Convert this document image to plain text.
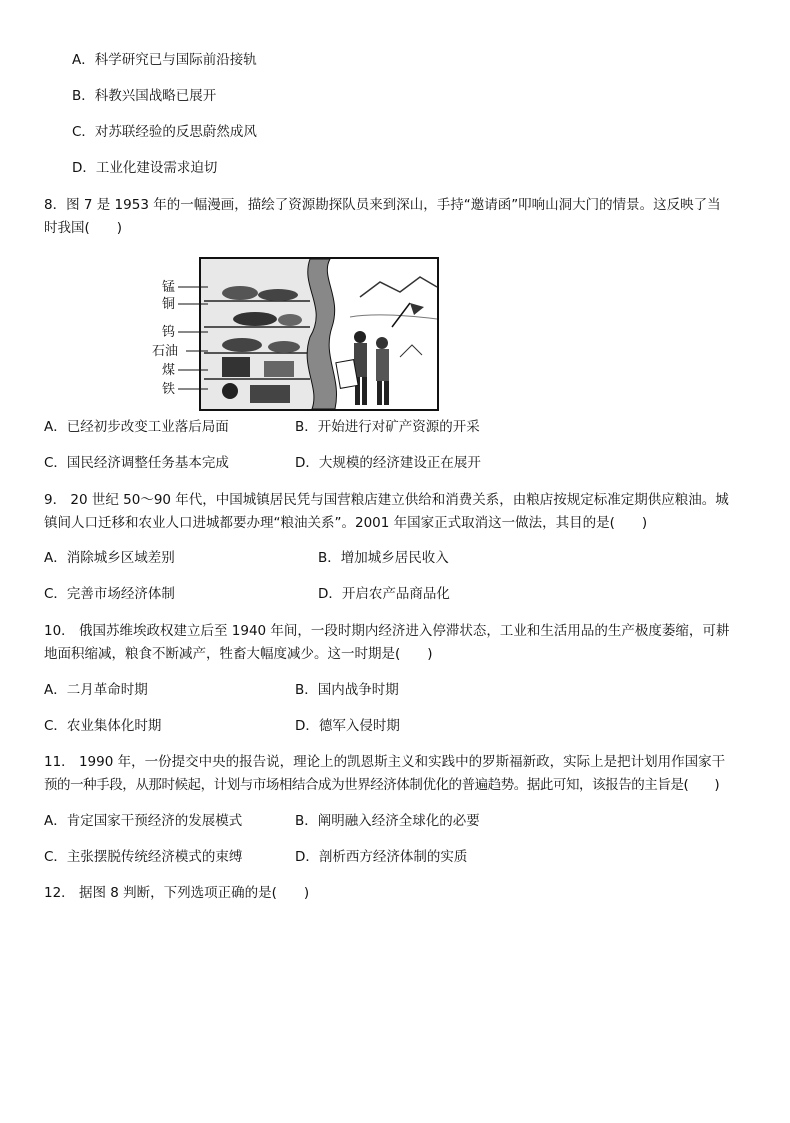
A．科学研究已与国际前沿接轨
B．科教兴国战略已展开
C．对苏联经验的反思蔚然成风
D．工业化建设需求迫切
8．图 7 是 1953 年的一幅漫画，描绘了资源勘探队员来到深山，手持“邀请函”叩响山洞大门的情景。这反映了当
时我国(　　)
锰
铜
钨
石油
煤
铁
A．已经初步改变工业落后局面	B．开始进行对矿产资源的开采
C．国民经济调整任务基本完成	D．大规模的经济建设正在展开
9． 20 世纪 50～90 年代，中国城镇居民凭与国营粮店建立供给和消费关系，由粮店按规定标准定期供应粮油。城
镇间人口迁移和农业人口进城都要办理“粮油关系”。2001 年国家正式取消这一做法，其目的是(　　)
A．消除城乡区域差别	B．增加城乡居民收入
C．完善市场经济体制	D．开启农产品商品化
10． 俄国苏维埃政权建立后至 1940 年间，一段时期内经济进入停滞状态，工业和生活用品的生产极度萎缩，可耕
地面积缩减，粮食不断减产，牲畜大幅度减少。这一时期是(　　)
A．二月革命时期	B．国内战争时期
C．农业集体化时期	D．德军入侵时期
11． 1990 年，一份提交中央的报告说，理论上的凯恩斯主义和实践中的罗斯福新政，实际上是把计划用作国家干
预的一种手段，从那时候起，计划与市场相结合成为世界经济体制优化的普遍趋势。据此可知，该报告的主旨是(　　)
A．肯定国家干预经济的发展模式	B．阐明融入经济全球化的必要
C．主张摆脱传统经济模式的束缚	D．剖析西方经济体制的实质
12． 据图 8 判断，下列选项正确的是(　　)
